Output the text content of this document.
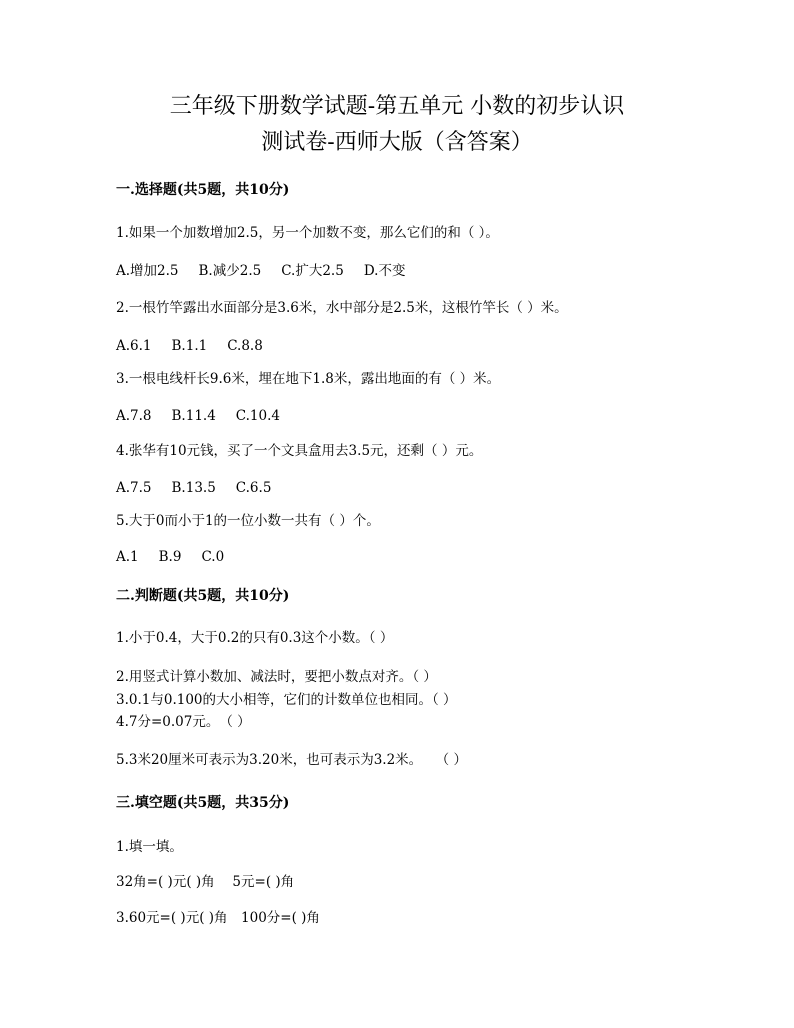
三年级下册数学试题-第五单元 小数的初步认识
测试卷-西师大版（含答案）
一.选择题(共5题，共10分)
1.如果一个加数增加2.5，另一个加数不变，那么它们的和（ ）。
A.增加2.5 B.减少2.5 C.扩大2.5 D.不变
2.一根竹竿露出水面部分是3.6米，水中部分是2.5米，这根竹竿长（ ）米。
A.6.1 B.1.1 C.8.8
3.一根电线杆长9.6米，埋在地下1.8米，露出地面的有（ ）米。
A.7.8 B.11.4 C.10.4
4.张华有10元钱，买了一个文具盒用去3.5元，还剩（ ）元。
A.7.5 B.13.5 C.6.5
5.大于0而小于1的一位小数一共有（ ）个。
A.1 B.9 C.0
二.判断题(共5题，共10分)
1.小于0.4，大于0.2的只有0.3这个小数。（ ）
2.用竖式计算小数加、减法时，要把小数点对齐。（ ）
3.0.1与0.100的大小相等，它们的计数单位也相同。（ ）
4.7分=0.07元。　（ ）
5.3米20厘米可表示为3.20米，也可表示为3.2米。　　（ ）
三.填空题(共5题，共35分)
1.填一填。
32角=( )元( )角　 5元=( )角
3.60元=( )元( )角　100分=( )角
